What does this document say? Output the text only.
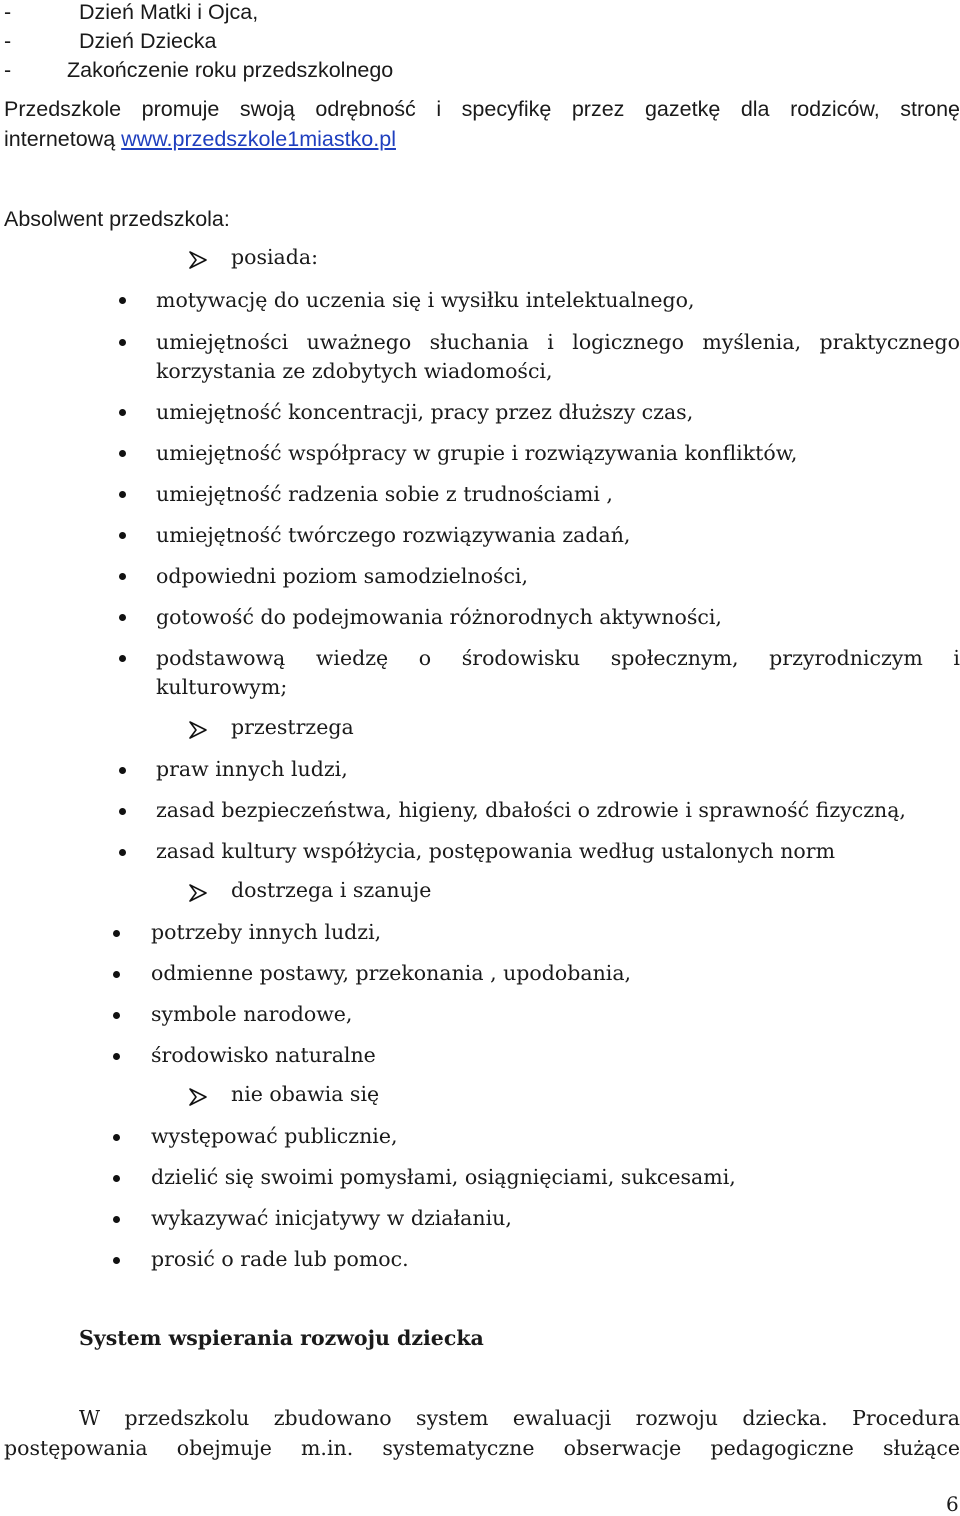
-	Dzień Matki i Ojca,
-	Dzień Dziecka
-	Zakończenie roku przedszkolnego
Przedszkole promuje swoją odrębność i specyfikę przez gazetkę dla rodziców, stronę
internetową www.przedszkole1miastko.pl
Absolwent przedszkola:
posiada:
motywację do uczenia się i wysiłku intelektualnego,
umiejętności uważnego słuchania i logicznego myślenia, praktycznego
korzystania ze zdobytych wiadomości,
umiejętność koncentracji, pracy przez dłuższy czas,
umiejętność współpracy w grupie i rozwiązywania konfliktów,
umiejętność radzenia sobie z trudnościami ,
umiejętność twórczego rozwiązywania zadań,
odpowiedni poziom samodzielności,
gotowość do podejmowania różnorodnych aktywności,
podstawową wiedzę o środowisku społecznym, przyrodniczym i
kulturowym;
przestrzega
praw innych ludzi,
zasad bezpieczeństwa, higieny, dbałości o zdrowie i sprawność fizyczną,
zasad kultury współżycia, postępowania według ustalonych norm
dostrzega i szanuje
potrzeby innych ludzi,
odmienne postawy, przekonania , upodobania,
symbole narodowe,
środowisko naturalne
nie obawia się
występować publicznie,
dzielić się swoimi pomysłami, osiągnięciami, sukcesami,
wykazywać inicjatywy w działaniu,
prosić o rade lub pomoc.
System wspierania rozwoju dziecka
W przedszkolu zbudowano system ewaluacji rozwoju dziecka. Procedura
postępowania obejmuje m.in. systematyczne obserwacje pedagogiczne służące
6
